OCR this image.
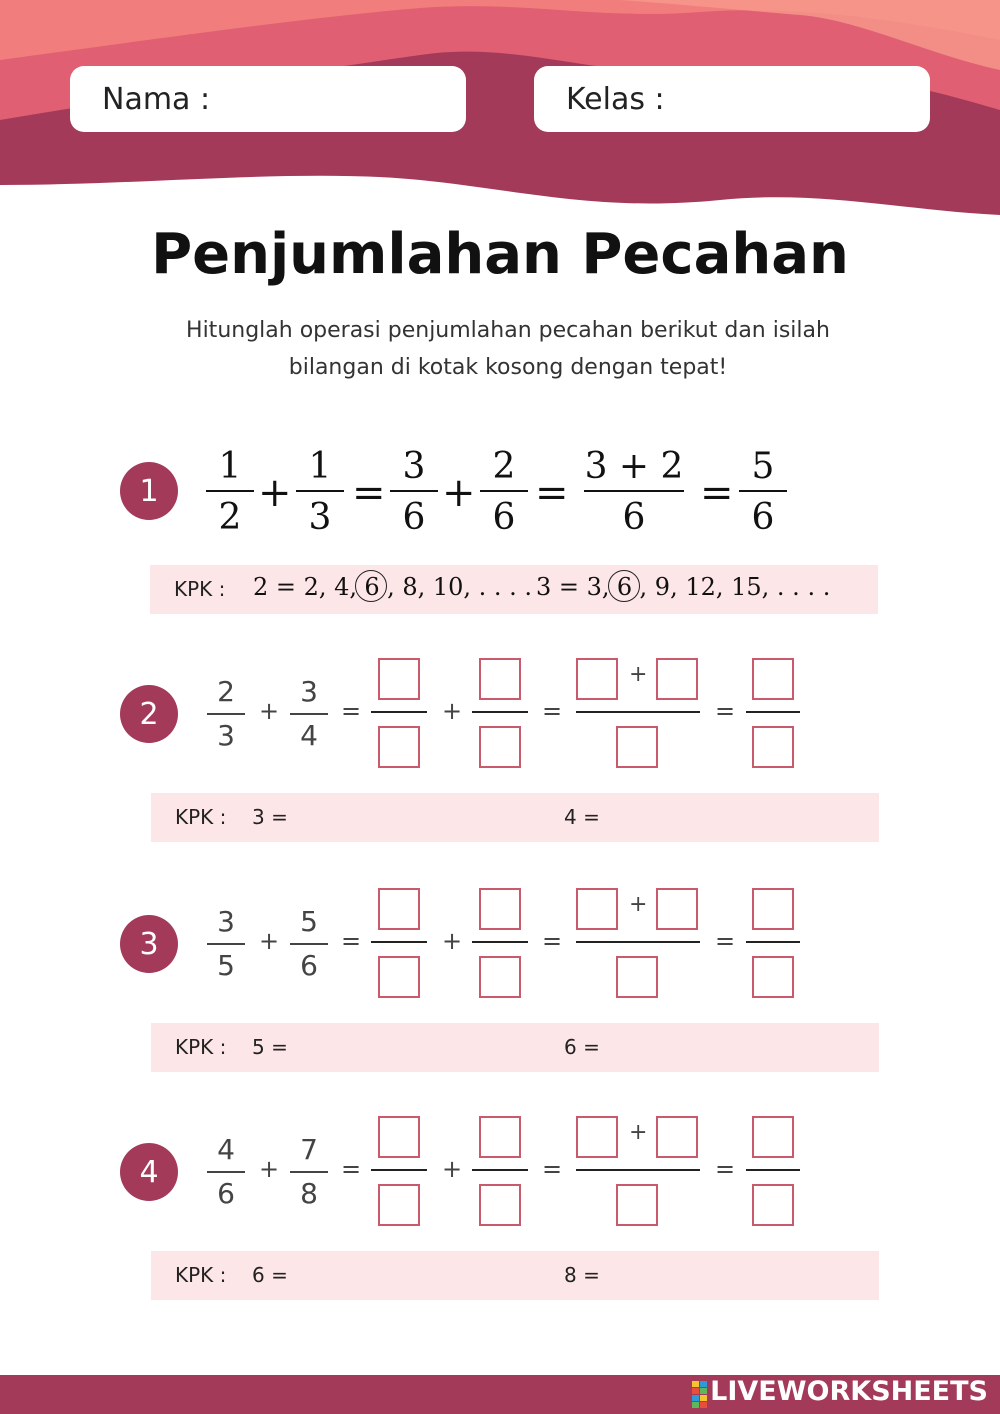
Nama :	Kelas :
Penjumlahan Pecahan
Hitunglah operasi penjumlahan pecahan berikut dan isilah
bilangan di kotak kosong dengan tepat!
1
1
2
+
1
3
=
3
6
+
2
6
=
3 + 2
6
=
5
6
KPK : 2 = 2, 4, 6 , 8, 10, . . . . 3 = 3, 6 , 9, 12, 15, . . . .
2
2
3
+
3
4
=	+	=
+
=
KPK : 3 =	4 =
3
3
5
+
5
6
=	+	=
+
=
KPK : 5 =	6 =
4
4
6
+
7
8
=	+	=
+
=
KPK : 6 =	8 =
LIVEWORKSHEETS
